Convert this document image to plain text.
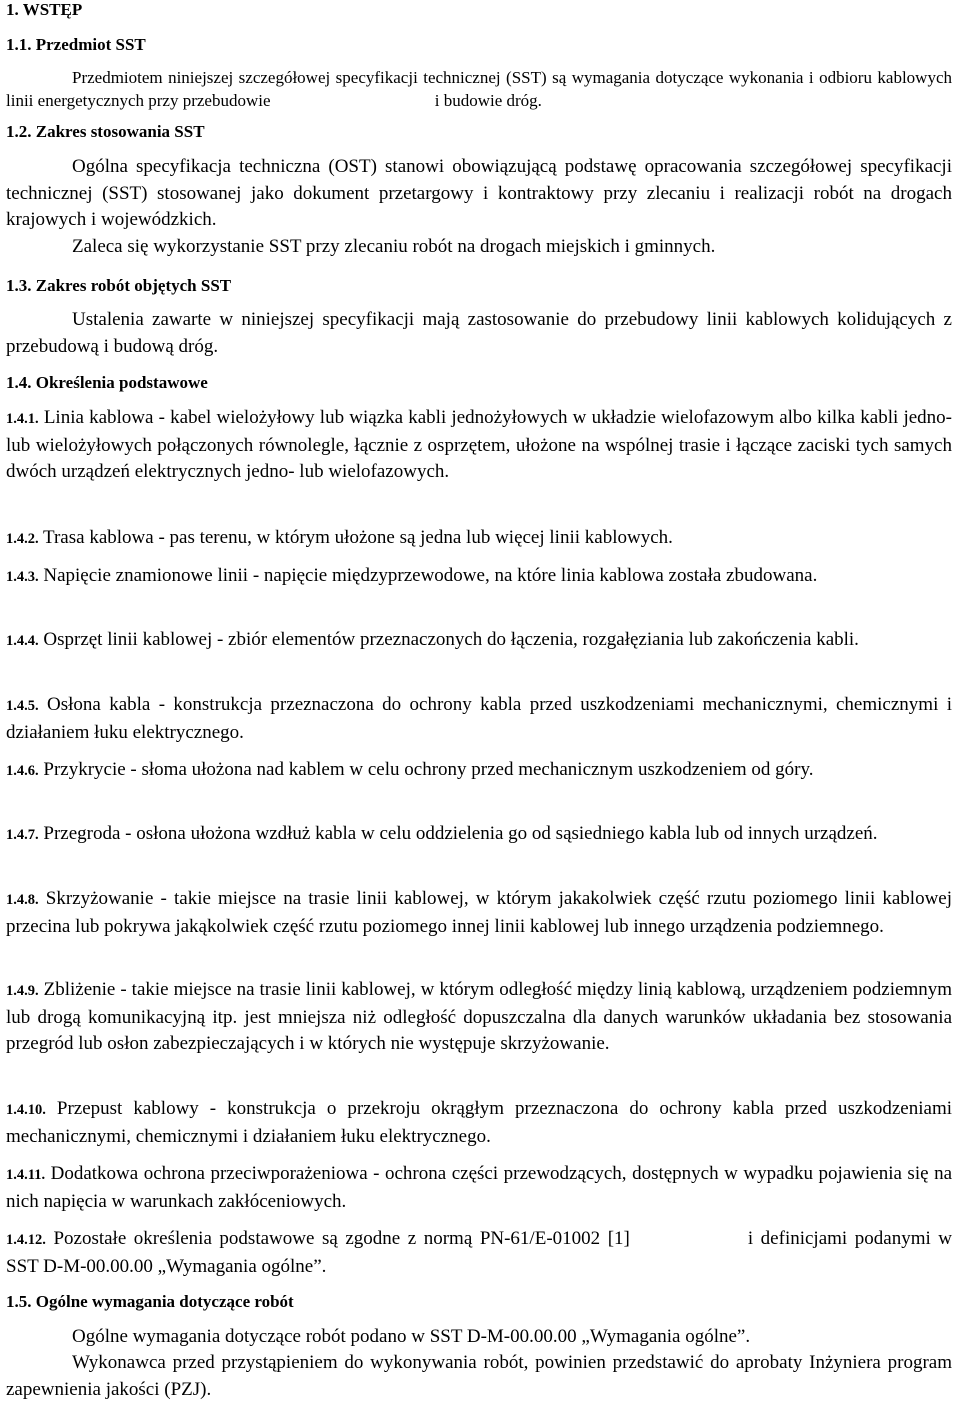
1. WSTĘP
1.1. Przedmiot SST
Przedmiotem niniejszej szczegółowej specyfikacji technicznej (SST) są wymagania dotyczące wykonania i odbioru kablowych linii energetycznych przy przebudowie	i budowie dróg.
1.2. Zakres stosowania SST
Ogólna specyfikacja techniczna (OST) stanowi obowiązującą podstawę opracowania szczegółowej specyfikacji technicznej (SST) stosowanej jako dokument przetargowy i kontraktowy przy zlecaniu i realizacji robót na drogach krajowych i wojewódzkich.
Zaleca się wykorzystanie SST przy zlecaniu robót na drogach miejskich i gminnych.
1.3. Zakres robót objętych SST
Ustalenia zawarte w niniejszej specyfikacji mają zastosowanie do przebudowy linii kablowych kolidujących z przebudową i budową dróg.
1.4. Określenia podstawowe
1.4.1. Linia kablowa - kabel wielożyłowy lub wiązka kabli jednożyłowych w układzie wielofazowym albo kilka kabli jedno- lub wielożyłowych połączonych równolegle, łącznie z osprzętem, ułożone na wspólnej trasie i łączące zaciski tych samych dwóch urządzeń elektrycznych jedno- lub wielofazowych.
1.4.2. Trasa kablowa - pas terenu, w którym ułożone są jedna lub więcej linii kablowych.
1.4.3. Napięcie znamionowe linii - napięcie międzyprzewodowe, na które linia kablowa została zbudowana.
1.4.4. Osprzęt linii kablowej - zbiór elementów przeznaczonych do łączenia, rozgałęziania lub zakończenia kabli.
1.4.5. Osłona kabla - konstrukcja przeznaczona do ochrony kabla przed uszkodzeniami mechanicznymi, chemicznymi i działaniem łuku elektrycznego.
1.4.6. Przykrycie - słoma ułożona nad kablem w celu ochrony przed mechanicznym uszkodzeniem od góry.
1.4.7. Przegroda - osłona ułożona wzdłuż kabla w celu oddzielenia go od sąsiedniego kabla lub od innych urządzeń.
1.4.8. Skrzyżowanie - takie miejsce na trasie linii kablowej, w którym jakakolwiek część rzutu poziomego linii kablowej przecina lub pokrywa jakąkolwiek część rzutu poziomego innej linii kablowej lub innego urządzenia podziemnego.
1.4.9. Zbliżenie - takie miejsce na trasie linii kablowej, w którym odległość między linią kablową, urządzeniem podziemnym lub drogą komunikacyjną itp. jest mniejsza niż odległość dopuszczalna dla danych warunków układania bez stosowania przegród lub osłon zabezpieczających i w których nie występuje skrzyżowanie.
1.4.10. Przepust kablowy - konstrukcja o przekroju okrągłym przeznaczona do ochrony kabla przed uszkodzeniami mechanicznymi, chemicznymi i działaniem łuku elektrycznego.
1.4.11. Dodatkowa ochrona przeciwporażeniowa - ochrona części przewodzących, dostępnych w wypadku pojawienia się na nich napięcia w warunkach zakłóceniowych.
1.4.12. Pozostałe określenia podstawowe są zgodne z normą PN-61/E-01002 [1]	i definicjami podanymi w SST D-M-00.00.00 „Wymagania ogólne”.
1.5. Ogólne wymagania dotyczące robót
Ogólne wymagania dotyczące robót podano w SST D-M-00.00.00 „Wymagania ogólne”.
Wykonawca przed przystąpieniem do wykonywania robót, powinien przedstawić do aprobaty Inżyniera program zapewnienia jakości (PZJ).
